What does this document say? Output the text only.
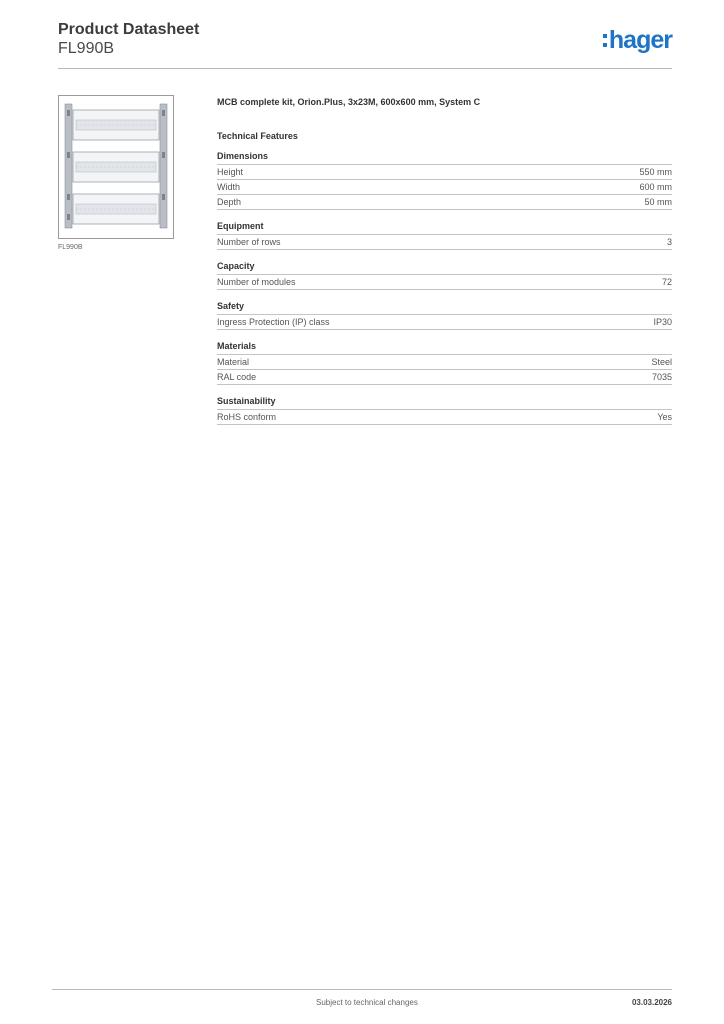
Product Datasheet
FL990B	hager
FL990B
MCB complete kit, Orion.Plus, 3x23M, 600x600 mm, System C
Technical Features
Dimensions
Height	550 mm
Width	600 mm
Depth	50 mm
Equipment
Number of rows	3
Capacity
Number of modules	72
Safety
Ingress Protection (IP) class	IP30
Materials
Material	Steel
RAL code	7035
Sustainability
RoHS conform	Yes
Subject to technical changes	03.03.2026
